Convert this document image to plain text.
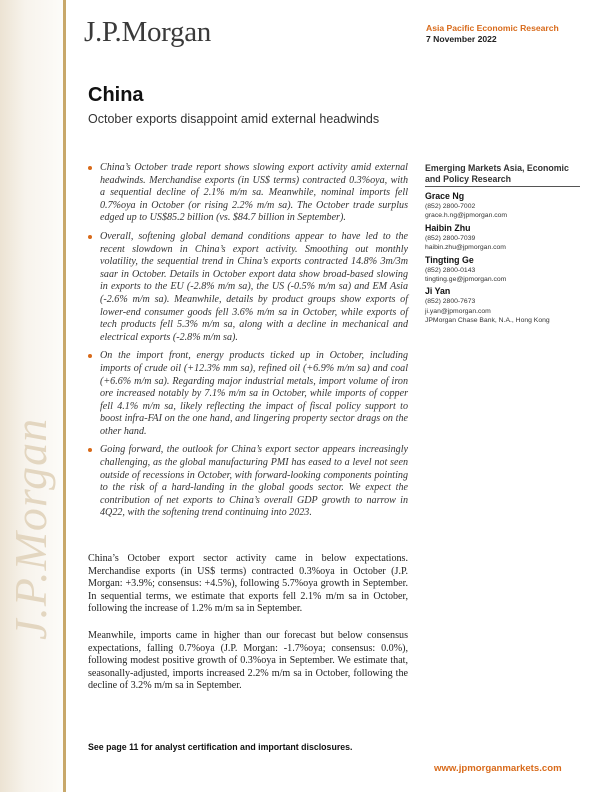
J.P.Morgan
J.P.Morgan	Asia Pacific Economic Research
7 November 2022
China
October exports disappoint amid external headwinds
China’s October trade report shows slowing export activity amid external headwinds. Merchandise exports (in US$ terms) contracted 0.3%oya, with a sequential decline of 2.1% m/m sa. Meanwhile, nominal imports fell 0.7%oya in October (or rising 2.2% m/m sa). The October trade surplus edged up to US$85.2 billion (vs. $84.7 billion in September).
Overall, softening global demand conditions appear to have led to the recent slowdown in China’s export activity. Smoothing out monthly volatility, the sequential trend in China’s exports contracted 14.8% 3m/3m saar in October. Details in October export data show broad-based slowing in exports to the EU (-2.8% m/m sa), the US (-0.5% m/m sa) and EM Asia (-2.6% m/m sa). Meanwhile, details by product groups show exports of lower-end consumer goods fell 3.6% m/m sa in October, while exports of tech products fell 5.3% m/m sa, along with a decline in mechanical and electrical exports (-2.8% m/m sa).
On the import front, energy products ticked up in October, including imports of crude oil (+12.3% mm sa), refined oil (+6.9% m/m sa) and coal (+6.6% m/m sa). Regarding major industrial metals, import volume of iron ore increased notably by 7.1% m/m sa in October, while imports of copper fell 4.1% m/m sa, likely reflecting the impact of fiscal policy support to boost infra-FAI on the one hand, and lingering property sector drags on the other hand.
Going forward, the outlook for China’s export sector appears increasingly challenging, as the global manufacturing PMI has eased to a level not seen outside of recessions in October, with forward-looking components pointing to the risk of a hard-landing in the global goods sector. We expect the contribution of net exports to China’s overall GDP growth to narrow in 4Q22, with the softening trend continuing into 2023.

China’s October export sector activity came in below expectations. Merchandise exports (in US$ terms) contracted 0.3%oya in October (J.P. Morgan: +3.9%; consensus: +4.5%), following 5.7%oya growth in September. In sequential terms, we estimate that exports fell 2.1% m/m sa in October, following the increase of 1.2% m/m sa in September.

Meanwhile, imports came in higher than our forecast but below consensus expectations, falling 0.7%oya (J.P. Morgan: -1.7%oya; consensus: 0.0%), following modest positive growth of 0.3%oya in September. We estimate that, seasonally-adjusted, imports increased 2.2% m/m sa in October, following the decline of 3.2% m/m sa in September.

Emerging Markets Asia, Economic and Policy Research
Grace Ng
(852) 2800-7002
grace.h.ng@jpmorgan.com
Haibin Zhu
(852) 2800-7039
haibin.zhu@jpmorgan.com
Tingting Ge
(852) 2800-0143
tingting.ge@jpmorgan.com
Ji Yan
(852) 2800-7673
ji.yan@jpmorgan.com
JPMorgan Chase Bank, N.A., Hong Kong
See page 11 for analyst certification and important disclosures.
www.jpmorganmarkets.com
